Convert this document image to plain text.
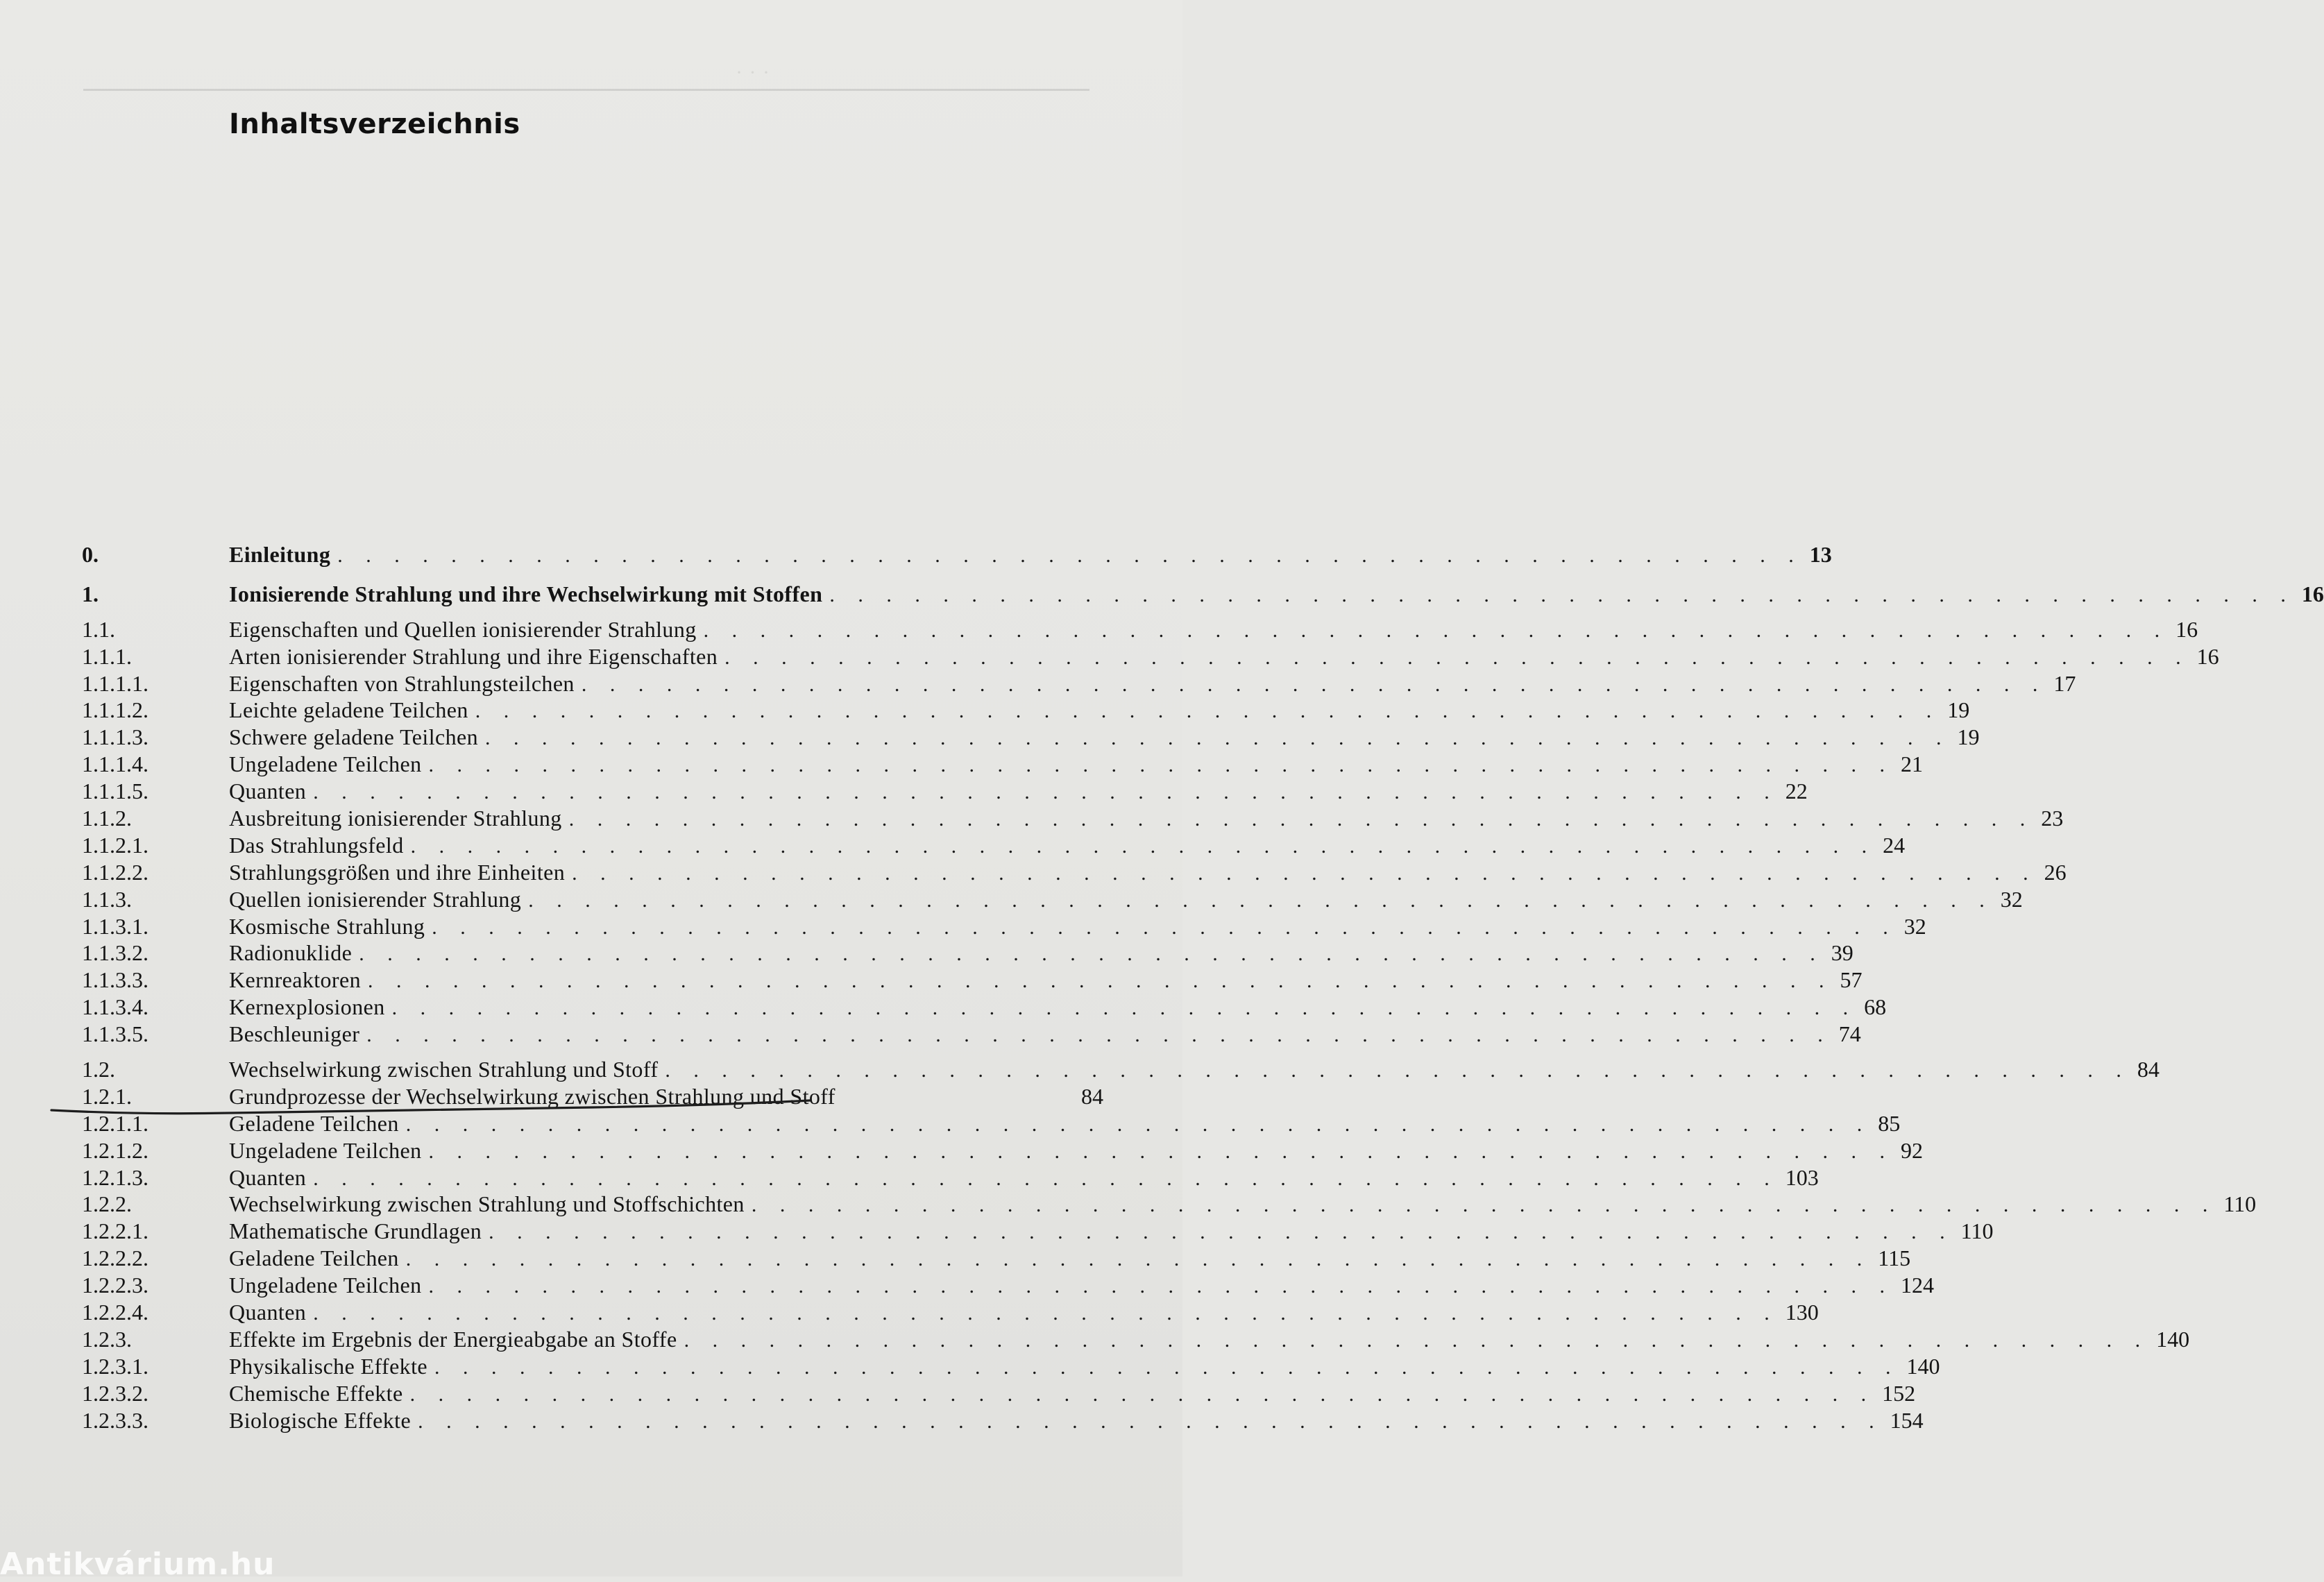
· · ·
Inhaltsverzeichnis
0.	Einleitung . . . . . . . . . . . . . . . . . . . . . . . . . . . . . . . . . . . . . . . . . . . . . . . . . . . . 13
1.	Ionisierende Strahlung und ihre Wechselwirkung mit Stoffen . . . . . . . . . . . . . . . . . . . . . . . . . . . . . . . . . . . . . . . . . . . . . . . . . . . . 16
1.1.	Eigenschaften und Quellen ionisierender Strahlung . . . . . . . . . . . . . . . . . . . . . . . . . . . . . . . . . . . . . . . . . . . . . . . . . . . . 16
1.1.1.	Arten ionisierender Strahlung und ihre Eigenschaften . . . . . . . . . . . . . . . . . . . . . . . . . . . . . . . . . . . . . . . . . . . . . . . . . . . . 16
1.1.1.1.	Eigenschaften von Strahlungsteilchen . . . . . . . . . . . . . . . . . . . . . . . . . . . . . . . . . . . . . . . . . . . . . . . . . . . . 17
1.1.1.2.	Leichte geladene Teilchen . . . . . . . . . . . . . . . . . . . . . . . . . . . . . . . . . . . . . . . . . . . . . . . . . . . . 19
1.1.1.3.	Schwere geladene Teilchen . . . . . . . . . . . . . . . . . . . . . . . . . . . . . . . . . . . . . . . . . . . . . . . . . . . . 19
1.1.1.4.	Ungeladene Teilchen . . . . . . . . . . . . . . . . . . . . . . . . . . . . . . . . . . . . . . . . . . . . . . . . . . . . 21
1.1.1.5.	Quanten . . . . . . . . . . . . . . . . . . . . . . . . . . . . . . . . . . . . . . . . . . . . . . . . . . . . 22
1.1.2.	Ausbreitung ionisierender Strahlung . . . . . . . . . . . . . . . . . . . . . . . . . . . . . . . . . . . . . . . . . . . . . . . . . . . . 23
1.1.2.1.	Das Strahlungsfeld . . . . . . . . . . . . . . . . . . . . . . . . . . . . . . . . . . . . . . . . . . . . . . . . . . . . 24
1.1.2.2.	Strahlungsgrößen und ihre Einheiten . . . . . . . . . . . . . . . . . . . . . . . . . . . . . . . . . . . . . . . . . . . . . . . . . . . . 26
1.1.3.	Quellen ionisierender Strahlung . . . . . . . . . . . . . . . . . . . . . . . . . . . . . . . . . . . . . . . . . . . . . . . . . . . . 32
1.1.3.1.	Kosmische Strahlung . . . . . . . . . . . . . . . . . . . . . . . . . . . . . . . . . . . . . . . . . . . . . . . . . . . . 32
1.1.3.2.	Radionuklide . . . . . . . . . . . . . . . . . . . . . . . . . . . . . . . . . . . . . . . . . . . . . . . . . . . . 39
1.1.3.3.	Kernreaktoren . . . . . . . . . . . . . . . . . . . . . . . . . . . . . . . . . . . . . . . . . . . . . . . . . . . . 57
1.1.3.4.	Kernexplosionen . . . . . . . . . . . . . . . . . . . . . . . . . . . . . . . . . . . . . . . . . . . . . . . . . . . . 68
1.1.3.5.	Beschleuniger . . . . . . . . . . . . . . . . . . . . . . . . . . . . . . . . . . . . . . . . . . . . . . . . . . . . 74
1.2.	Wechselwirkung zwischen Strahlung und Stoff . . . . . . . . . . . . . . . . . . . . . . . . . . . . . . . . . . . . . . . . . . . . . . . . . . . . 84
1.2.1.	Grundprozesse der Wechselwirkung zwischen Strahlung und Stoff	84
1.2.1.1.	Geladene Teilchen . . . . . . . . . . . . . . . . . . . . . . . . . . . . . . . . . . . . . . . . . . . . . . . . . . . . 85
1.2.1.2.	Ungeladene Teilchen . . . . . . . . . . . . . . . . . . . . . . . . . . . . . . . . . . . . . . . . . . . . . . . . . . . . 92
1.2.1.3.	Quanten . . . . . . . . . . . . . . . . . . . . . . . . . . . . . . . . . . . . . . . . . . . . . . . . . . . . 103
1.2.2.	Wechselwirkung zwischen Strahlung und Stoffschichten . . . . . . . . . . . . . . . . . . . . . . . . . . . . . . . . . . . . . . . . . . . . . . . . . . . . 110
1.2.2.1.	Mathematische Grundlagen . . . . . . . . . . . . . . . . . . . . . . . . . . . . . . . . . . . . . . . . . . . . . . . . . . . . 110
1.2.2.2.	Geladene Teilchen . . . . . . . . . . . . . . . . . . . . . . . . . . . . . . . . . . . . . . . . . . . . . . . . . . . . 115
1.2.2.3.	Ungeladene Teilchen . . . . . . . . . . . . . . . . . . . . . . . . . . . . . . . . . . . . . . . . . . . . . . . . . . . . 124
1.2.2.4.	Quanten . . . . . . . . . . . . . . . . . . . . . . . . . . . . . . . . . . . . . . . . . . . . . . . . . . . . 130
1.2.3.	Effekte im Ergebnis der Energieabgabe an Stoffe . . . . . . . . . . . . . . . . . . . . . . . . . . . . . . . . . . . . . . . . . . . . . . . . . . . . 140
1.2.3.1.	Physikalische Effekte . . . . . . . . . . . . . . . . . . . . . . . . . . . . . . . . . . . . . . . . . . . . . . . . . . . . 140
1.2.3.2.	Chemische Effekte . . . . . . . . . . . . . . . . . . . . . . . . . . . . . . . . . . . . . . . . . . . . . . . . . . . . 152
1.2.3.3.	Biologische Effekte . . . . . . . . . . . . . . . . . . . . . . . . . . . . . . . . . . . . . . . . . . . . . . . . . . . . 154
Antikvárium.hu
